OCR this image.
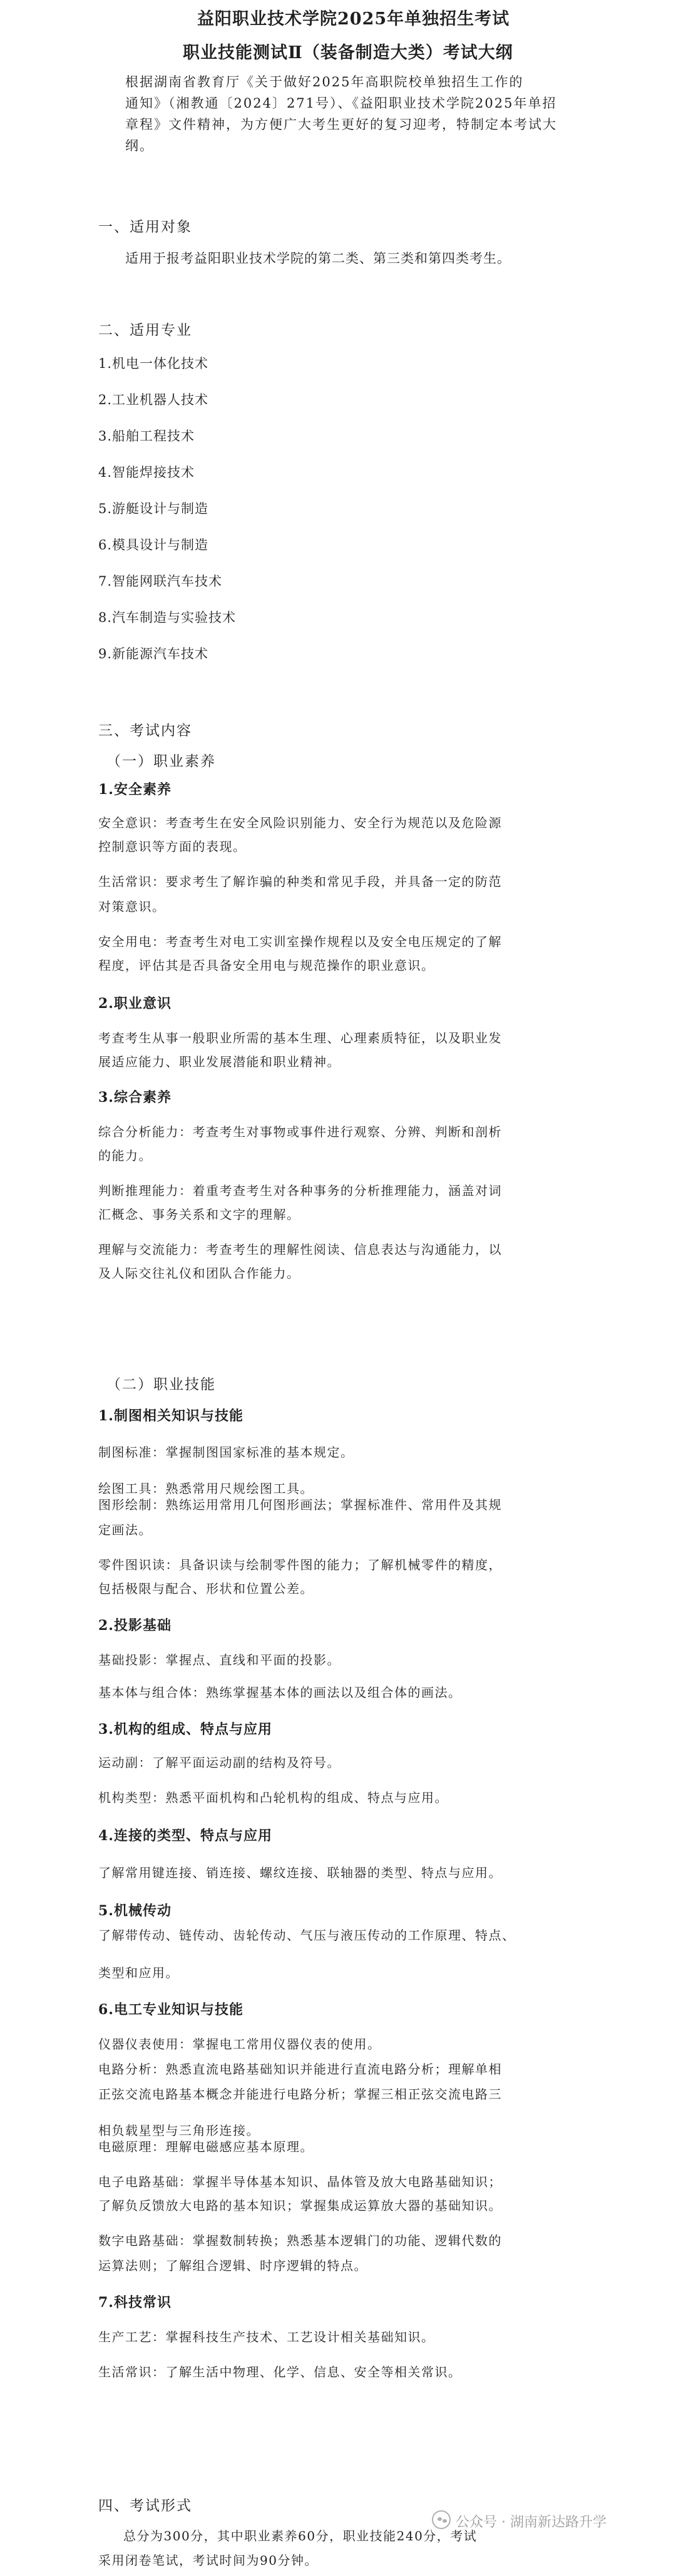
益阳职业技术学院2025年单独招生考试
职业技能测试Ⅱ（装备制造大类）考试大纲
根据湖南省教育厅《关于做好2025年高职院校单独招生工作的
通知》（湘教通〔2024〕271号）、《益阳职业技术学院2025年单招
章程》文件精神，为方便广大考生更好的复习迎考，特制定本考试大
纲。
一、适用对象
适用于报考益阳职业技术学院的第二类、第三类和第四类考生。
二、适用专业
1.机电一体化技术
2.工业机器人技术
3.船舶工程技术
4.智能焊接技术
5.游艇设计与制造
6.模具设计与制造
7.智能网联汽车技术
8.汽车制造与实验技术
9.新能源汽车技术
三、考试内容
（一）职业素养
（二）职业技能
1.安全素养
安全意识：考查考生在安全风险识别能力、安全行为规范以及危险源
控制意识等方面的表现。
生活常识：要求考生了解诈骗的种类和常见手段，并具备一定的防范
对策意识。
安全用电：考查考生对电工实训室操作规程以及安全电压规定的了解
程度，评估其是否具备安全用电与规范操作的职业意识。
2.职业意识
考查考生从事一般职业所需的基本生理、心理素质特征，以及职业发
展适应能力、职业发展潜能和职业精神。
3.综合素养
综合分析能力：考查考生对事物或事件进行观察、分辨、判断和剖析
的能力。
判断推理能力：着重考查考生对各种事务的分析推理能力，涵盖对词
汇概念、事务关系和文字的理解。
理解与交流能力：考查考生的理解性阅读、信息表达与沟通能力，以
及人际交往礼仪和团队合作能力。
1.制图相关知识与技能
制图标准：掌握制图国家标准的基本规定。
绘图工具：熟悉常用尺规绘图工具。
图形绘制：熟练运用常用几何图形画法；掌握标准件、常用件及其规
定画法。
零件图识读：具备识读与绘制零件图的能力；了解机械零件的精度，
包括极限与配合、形状和位置公差。
2.投影基础
基础投影：掌握点、直线和平面的投影。
基本体与组合体：熟练掌握基本体的画法以及组合体的画法。
3.机构的组成、特点与应用
运动副：了解平面运动副的结构及符号。
机构类型：熟悉平面机构和凸轮机构的组成、特点与应用。
4.连接的类型、特点与应用
了解常用键连接、销连接、螺纹连接、联轴器的类型、特点与应用。
5.机械传动
了解带传动、链传动、齿轮传动、气压与液压传动的工作原理、特点、
类型和应用。
6.电工专业知识与技能
仪器仪表使用：掌握电工常用仪器仪表的使用。
电路分析：熟悉直流电路基础知识并能进行直流电路分析；理解单相
正弦交流电路基本概念并能进行电路分析；掌握三相正弦交流电路三
相负载星型与三角形连接。
电磁原理：理解电磁感应基本原理。
电子电路基础：掌握半导体基本知识、晶体管及放大电路基础知识；
了解负反馈放大电路的基本知识；掌握集成运算放大器的基础知识。
数字电路基础：掌握数制转换；熟悉基本逻辑门的功能、逻辑代数的
运算法则；了解组合逻辑、时序逻辑的特点。
7.科技常识
生产工艺：掌握科技生产技术、工艺设计相关基础知识。
生活常识：了解生活中物理、化学、信息、安全等相关常识。
四、考试形式
总分为300分，其中职业素养60分，职业技能240分，考试
采用闭卷笔试，考试时间为90分钟。
公众号 · 湖南新达路升学
